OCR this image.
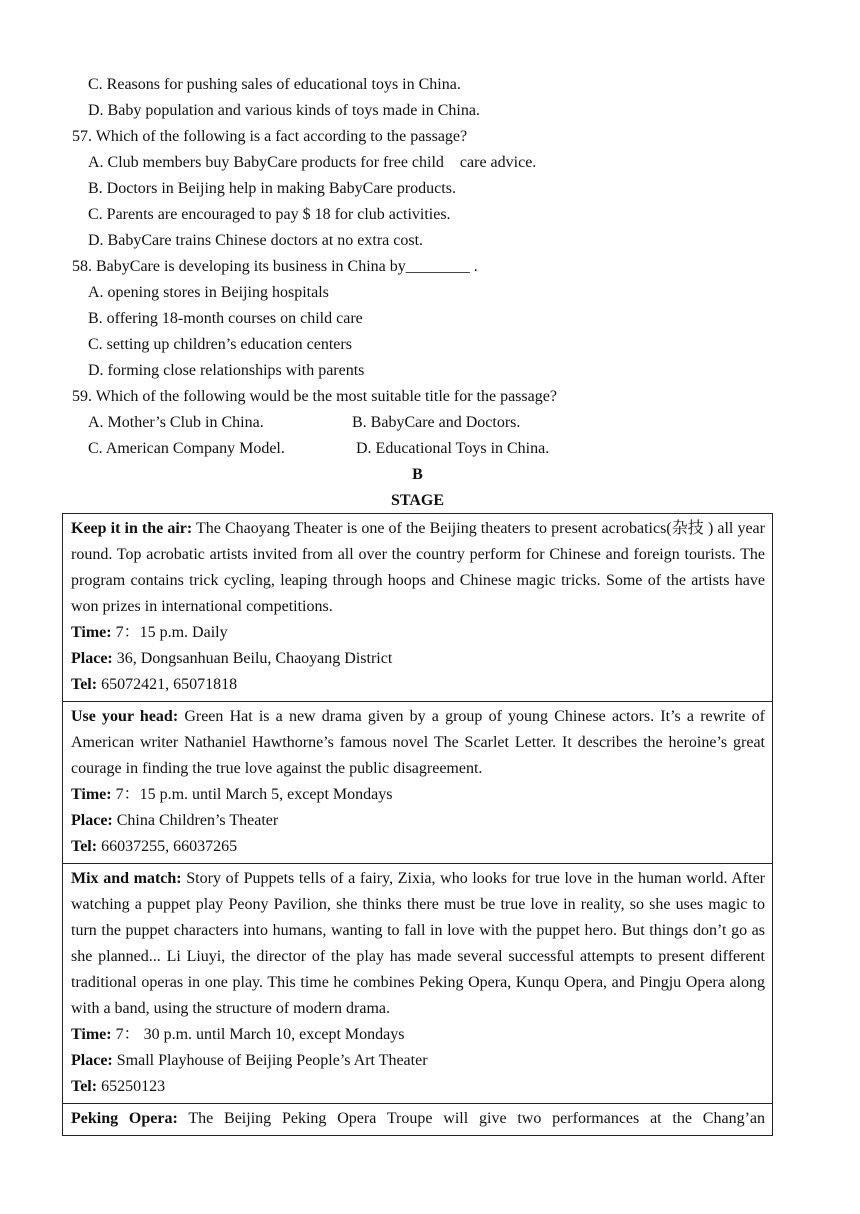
C. Reasons for pushing sales of educational toys in China.
D. Baby population and various kinds of toys made in China.
57. Which of the following is a fact according to the passage?
A. Club members buy BabyCare products for free child    care advice.
B. Doctors in Beijing help in making BabyCare products.
C. Parents are encouraged to pay $ 18 for club activities.
D. BabyCare trains Chinese doctors at no extra cost.
58. BabyCare is developing its business in China by________ .
A. opening stores in Beijing hospitals
B. offering 18-month courses on child care
C. setting up children’s education centers
D. forming close relationships with parents
59. Which of the following would be the most suitable title for the passage?
A. Mother’s Club in China.	B. BabyCare and Doctors.
C. American Company Model.	D. Educational Toys in China.
B
STAGE
Keep it in the air: The Chaoyang Theater is one of the Beijing theaters to present acrobatics(杂技 ) all year round. Top acrobatic artists invited from all over the country perform for Chinese and foreign tourists. The program contains trick cycling, leaping through hoops and Chinese magic tricks. Some of the artists have won prizes in international competitions.
Time: 7：15 p.m. Daily
Place: 36, Dongsanhuan Beilu, Chaoyang District
Tel: 65072421, 65071818

Use your head: Green Hat is a new drama given by a group of young Chinese actors. It’s a rewrite of American writer Nathaniel Hawthorne’s famous novel The Scarlet Letter. It describes the heroine’s great courage in finding the true love against the public disagreement.
Time: 7：15 p.m. until March 5, except Mondays
Place: China Children’s Theater
Tel: 66037255, 66037265

Mix and match: Story of Puppets tells of a fairy, Zixia, who looks for true love in the human world. After watching a puppet play Peony Pavilion, she thinks there must be true love in reality, so she uses magic to turn the puppet characters into humans, wanting to fall in love with the puppet hero. But things don’t go as she planned... Li Liuyi, the director of the play has made several successful attempts to present different traditional operas in one play. This time he combines Peking Opera, Kunqu Opera, and Pingju Opera along with a band, using the structure of modern drama.
Time: 7： 30 p.m. until March 10, except Mondays
Place: Small Playhouse of Beijing People’s Art Theater
Tel: 65250123

Peking Opera: The Beijing Peking Opera Troupe will give two performances at the Chang’an
